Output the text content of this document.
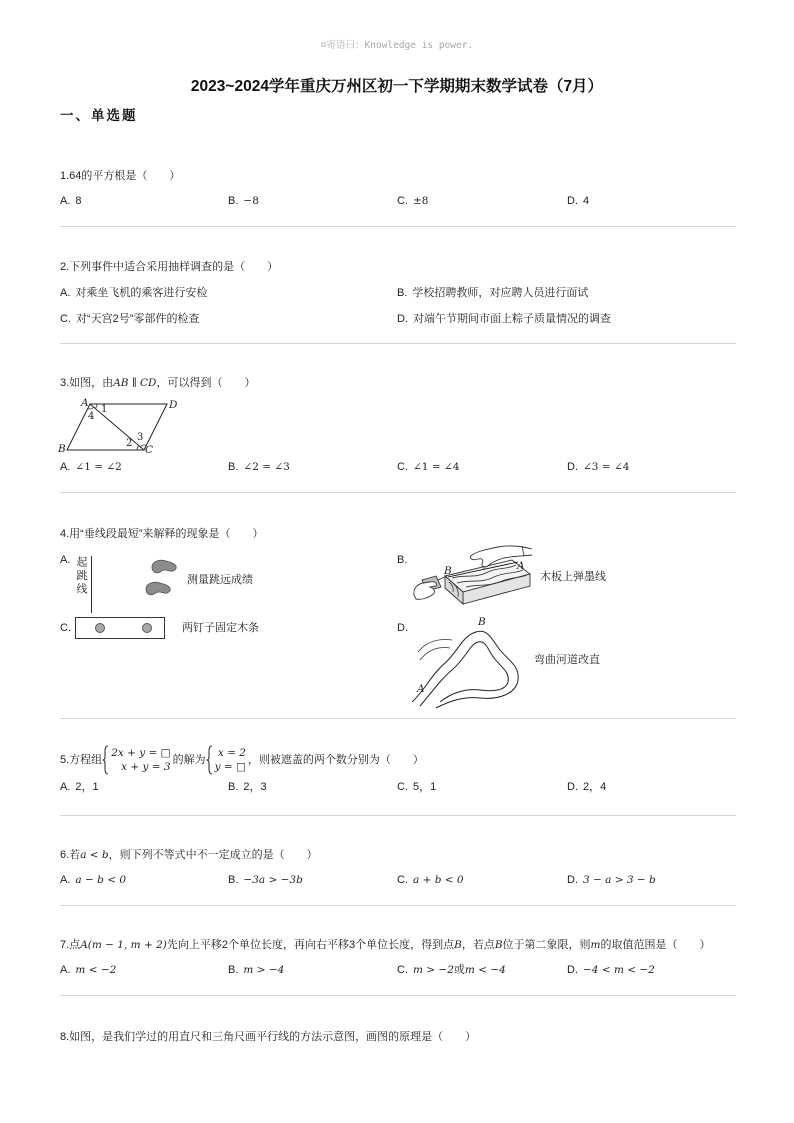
☺寄语曰：Knowledge is power.
2023~2024学年重庆万州区初一下学期期末数学试卷（7月）
一、单选题
1.64的平方根是（　　）
A. 8	B. −8	C. ±8	D. 4
2.下列事件中适合采用抽样调查的是（　　）
A. 对乘坐飞机的乘客进行安检	B. 学校招聘教师，对应聘人员进行面试
C. 对“天宫2号”零部件的检查	D. 对端午节期间市面上粽子质量情况的调查
3.如图，由AB ∥ CD，可以得到（　　）
A	D
B	C
1
4
2
3
A. ∠1 = ∠2	B. ∠2 = ∠3	C. ∠1 = ∠4	D. ∠3 = ∠4
4.用“垂线段最短”来解释的现象是（　　）
A. 起跳线	测量跳远成绩
B.
B	A
木板上弹墨线
C.	两钉子固定木条	D.	B
A
弯曲河道改直
5.方程组
2x + y = □
x + y = 3
的解为
x = 2
y = □
，则被遮盖的两个数分别为（　　）
A. 2，1	B. 2，3	C. 5，1	D. 2，4
6.若a < b，则下列不等式中不一定成立的是（　　）
A. a − b < 0	B. −3a > −3b	C. a + b < 0	D. 3 − a > 3 − b
7.点A(m − 1, m + 2)先向上平移2个单位长度，再向右平移3个单位长度，得到点B，若点B位于第二象限，则m的取值范围是（　　）
A. m < −2	B. m > −4	C. m > −2或m < −4	D. −4 < m < −2
8.如图，是我们学过的用直尺和三角尺画平行线的方法示意图，画图的原理是（　　）
